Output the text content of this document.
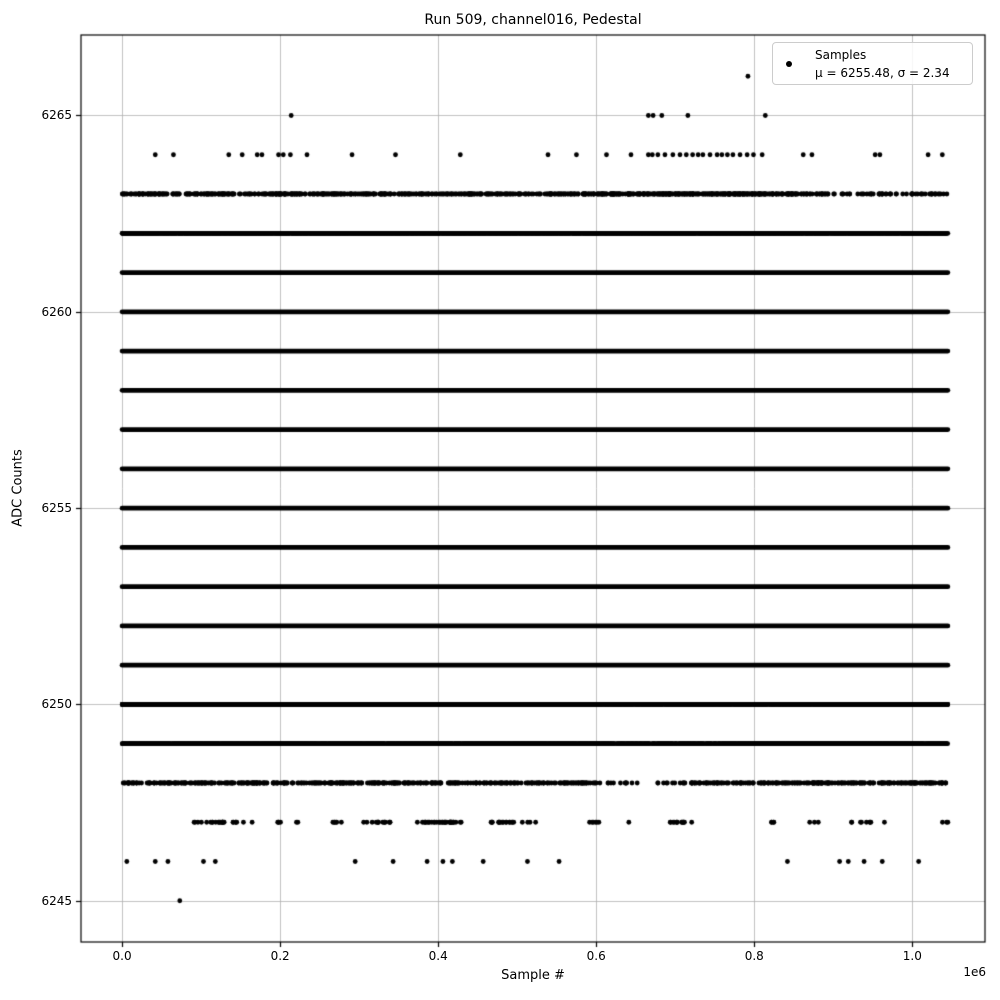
Run 509, channel016, Pedestal
ADC Counts
Sample #	1e6
0.0	0.2	0.4	0.6	0.8	1.0
6245
6250
6255
6260
6265
Samples
μ = 6255.48, σ = 2.34
